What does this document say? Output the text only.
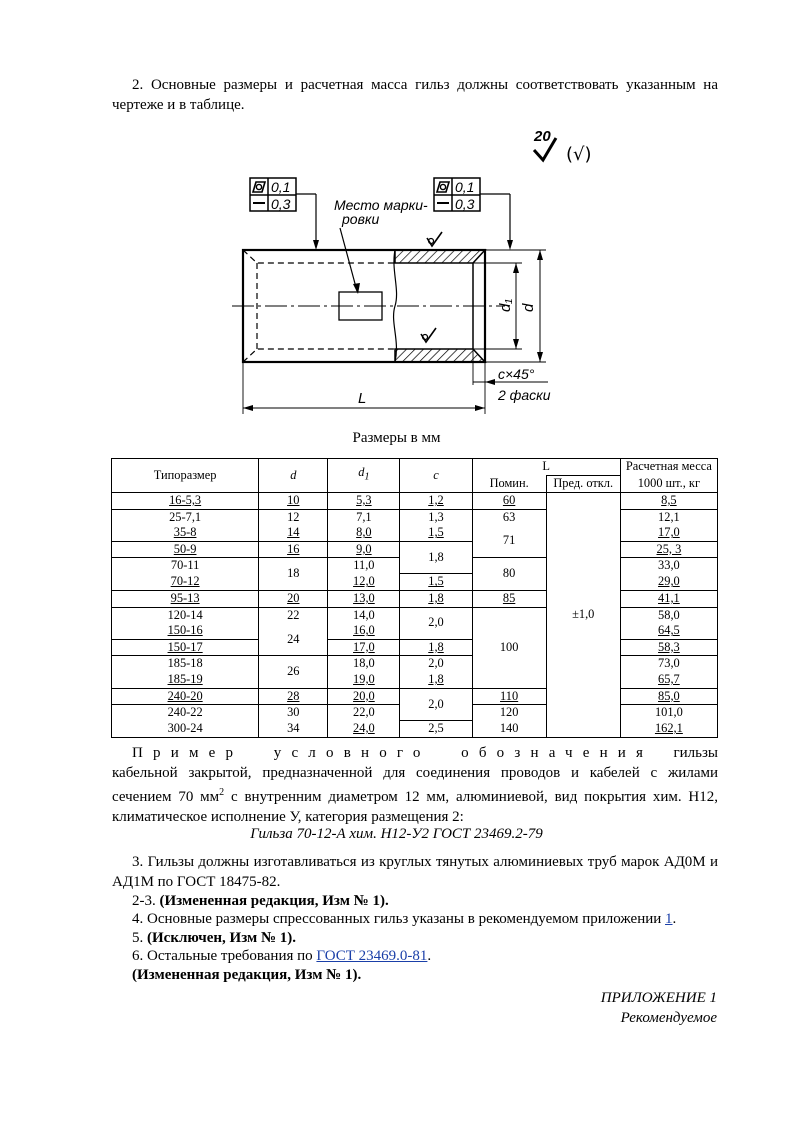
2. Основные размеры и расчетная масса гильз должны соответствовать указанным на чертеже и в таблице.

20
(√)
0,1
0,3
0,1
0,3
Место марки-
ровки
d₁ d
L
c×45°
2 фаски
Размеры в мм
Типоразмер	d	$d_1$	c	L		Расчетная месса
				Помин.	Пред. откл.	1000 шт., кг
16-5,3	10	5,3	1,2	60	±1,0	8,5
25-7,1	12	7,1	1,3	63		12,1
35-8	14	8,0	1,5	71		17,0
50-9	16	9,0	1,8			25, 3
70-11	18	11,0		80		33,0
70-12		12,0	1,5			29,0
95-13	20	13,0	1,8	85		41,1
120-14	22	14,0	2,0	100		58,0
150-16	24	16,0				64,5
150-17		17,0	1,8			58,3
185-18	26	18,0	2,0			73,0
185-19		19,0	1,8			65,7
240-20	28	20,0	2,0	110		85,0
240-22	30	22,0		120		101,0
300-24	34	24,0	2,5	140		162,1

Пример условного обозначения гильзы кабельной закрытой, предназначенной для соединения проводов и кабелей с жилами сечением 70 $мм^2$ с внутренним диаметром 12 мм, алюминиевой, вид покрытия хим. Н12, климатическое исполнение У, категория размещения 2:

Гильза 70-12-А хим. Н12-У2 ГОСТ 23469.2-79

3. Гильзы должны изготавливаться из круглых тянутых алюминиевых труб марок АД0М и АД1М по ГОСТ 18475-82.

2-3. (Измененная редакция, Изм № 1).

4. Основные размеры спрессованных гильз указаны в рекомендуемом приложении 1.

5. (Исключен, Изм № 1).

6. Остальные требования по ГОСТ 23469.0-81.

(Измененная редакция, Изм № 1).

ПРИЛОЖЕНИЕ 1
Рекомендуемое
